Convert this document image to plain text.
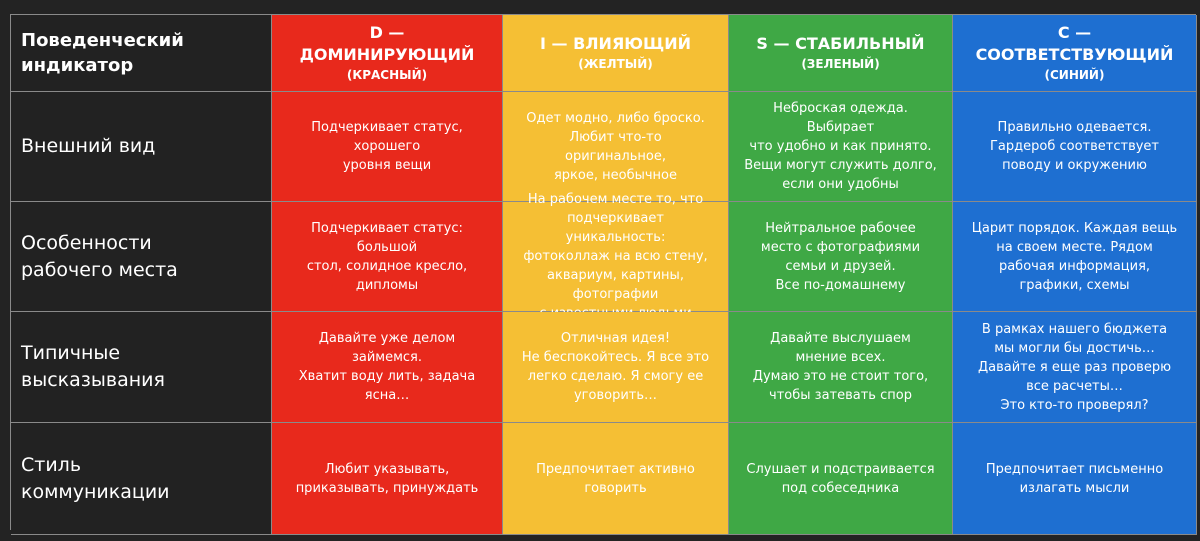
Поведенческий
индикатор
D — ДОМИНИРУЮЩИЙ
(КРАСНЫЙ)
I — ВЛИЯЮЩИЙ
(ЖЕЛТЫЙ)
S — СТАБИЛЬНЫЙ
(ЗЕЛЕНЫЙ)
C — СООТВЕТСТВУЮЩИЙ
(СИНИЙ)
Внешний вид
Подчеркивает статус, хорошего
уровня вещи
Одет модно, либо броско.
Любит что-то оригинальное,
яркое, необычное
Неброская одежда. Выбирает
что удобно и как принято.
Вещи могут служить долго,
если они удобны
Правильно одевается.
Гардероб соответствует
поводу и окружению
Особенности
рабочего места
Подчеркивает статус: большой
стол, солидное кресло,
дипломы

подчеркивает уникальность:
фотоколлаж на всю стену,
аквариум, картины, фотографии

Нейтральное рабочее
место с фотографиями
семьи и друзей.
Все по-домашнему
Царит порядок. Каждая вещь
на своем месте. Рядом
рабочая информация,
графики, схемы
Типичные
высказывания
Давайте уже делом займемся.
Хватит воду лить, задача ясна…
Отличная идея!
Не беспокойтесь. Я все это
легко сделаю. Я смогу ее
уговорить…
Давайте выслушаем
мнение всех.
Думаю это не стоит того,
чтобы затевать спор
В рамках нашего бюджета
мы могли бы достичь…
Давайте я еще раз проверю
все расчеты…
Это кто-то проверял?
Стиль
коммуникации
Любит указывать,
приказывать, принуждать
Предпочитает активно
говорить
Слушает и подстраивается
под собеседника
Предпочитает письменно
излагать мысли
